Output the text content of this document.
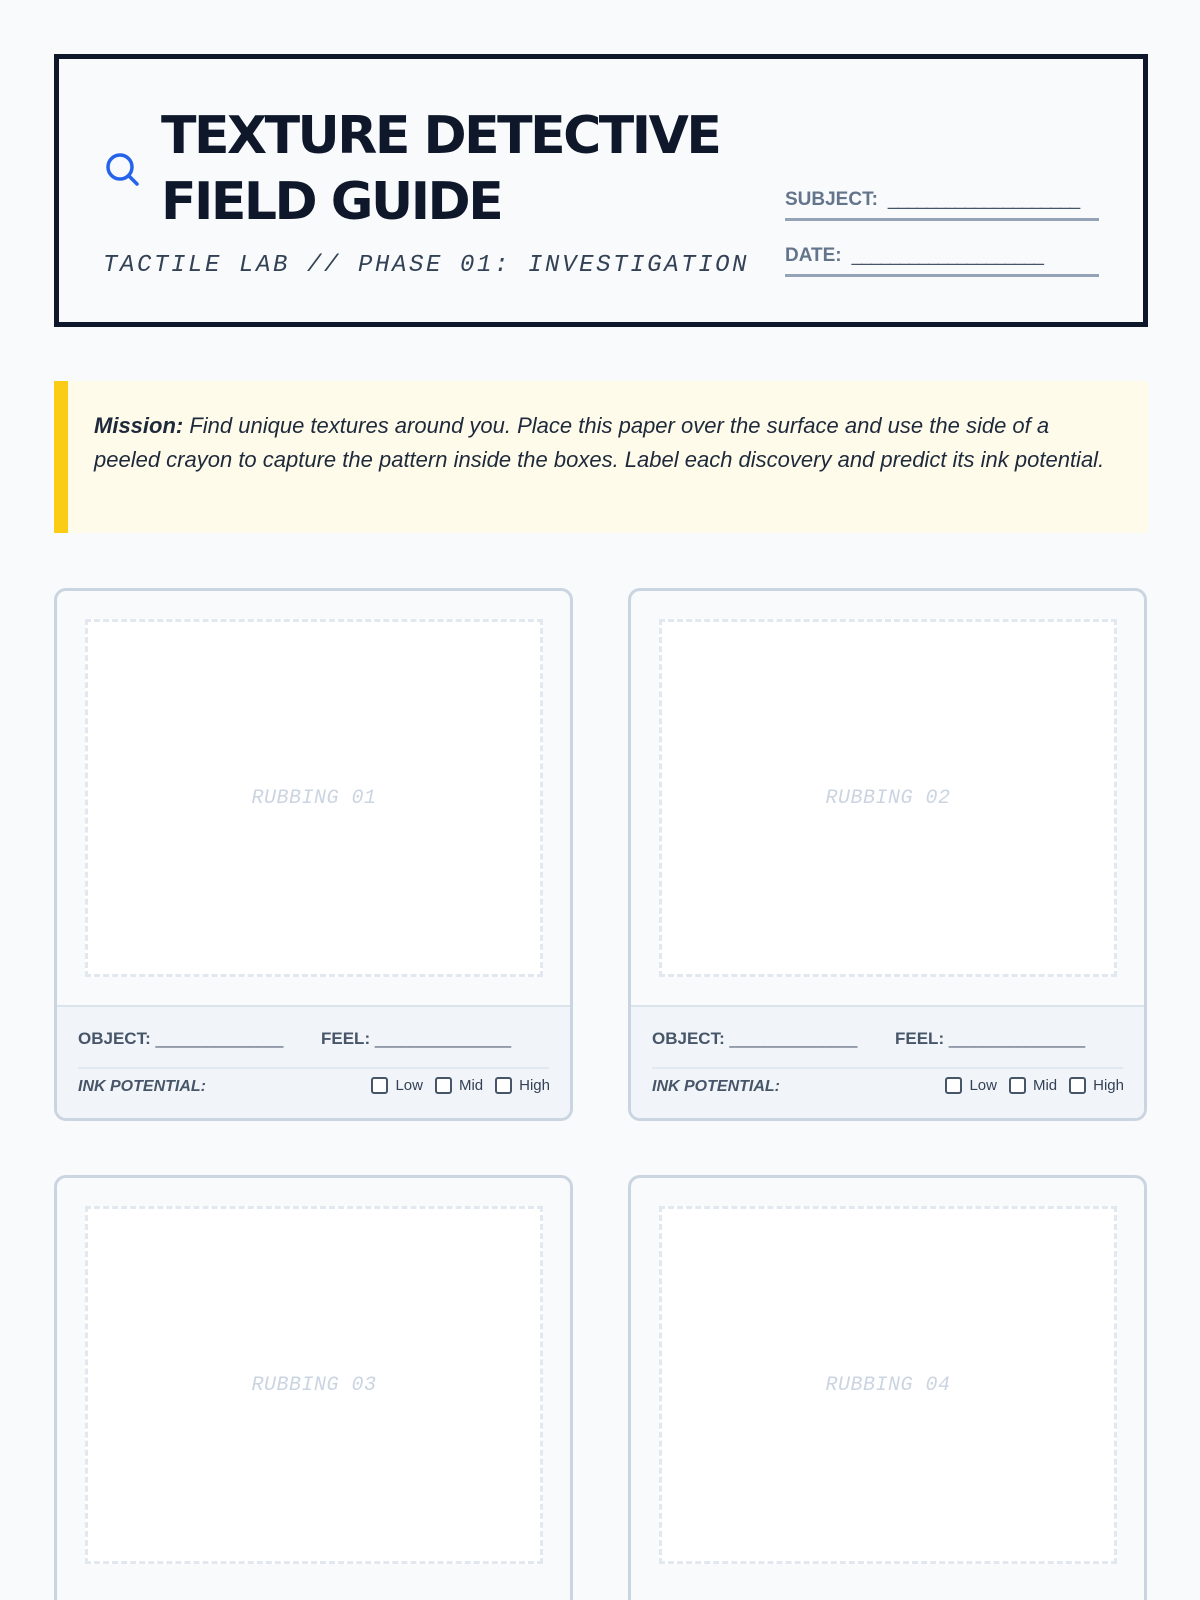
TEXTURE DETECTIVE
FIELD GUIDE
TACTILE LAB // PHASE 01: INVESTIGATION
SUBJECT: ____________________
DATE: ____________________
Mission: Find unique textures around you. Place this paper over the surface and use the side of a peeled crayon to capture the pattern inside the boxes. Label each discovery and predict its ink potential.
RUBBING 01
OBJECT: _______________ FEEL: ________________
INK POTENTIAL:	Low Mid High
RUBBING 02
OBJECT: _______________ FEEL: ________________
INK POTENTIAL:	Low Mid High
RUBBING 03	RUBBING 04
